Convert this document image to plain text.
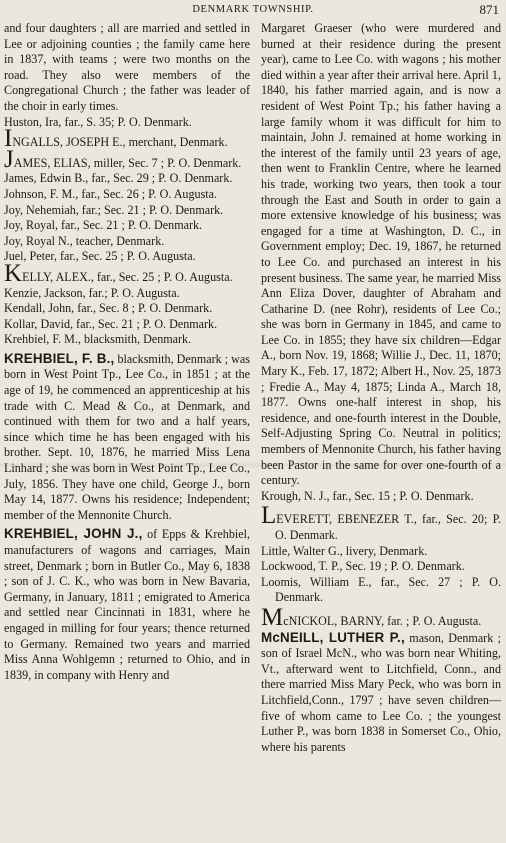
DENMARK TOWNSHIP.	871

and four daughters ; all are married and settled in Lee or adjoining counties ; the family came here in 1837, with teams ; were two months on the road. They also were members of the Congregational Church ; the father was leader of the choir in early times.

Huston, Ira, far., S. 35; P. O. Denmark.

INGALLS, JOSEPH E., merchant, Denmark.

JAMES, ELIAS, miller, Sec. 7 ; P. O. Denmark.

James, Edwin B., far., Sec. 29 ; P. O. Denmark.

Johnson, F. M., far., Sec. 26 ; P. O. Augusta.

Joy, Nehemiah, far.; Sec. 21 ; P. O. Denmark.

Joy, Royal, far., Sec. 21 ; P. O. Denmark.

Joy, Royal N., teacher, Denmark.

Juel, Peter, far., Sec. 25 ; P. O. Augusta.

KELLY, ALEX., far., Sec. 25 ; P. O. Augusta.

Kenzie, Jackson, far.; P. O. Augusta.

Kendall, John, far., Sec. 8 ; P. O. Denmark.

Kollar, David, far., Sec. 21 ; P. O. Denmark.

Krehbiel, F. M., blacksmith, Denmark.

KREHBIEL, F. B., blacksmith, Denmark ; was born in West Point Tp., Lee Co., in 1851 ; at the age of 19, he commenced an apprenticeship at his trade with C. Mead & Co., at Denmark, and continued with them for two and a half years, since which time he has been engaged with his brother. Sept. 10, 1876, he married Miss Lena Linhard ; she was born in West Point Tp., Lee Co., July, 1856. They have one child, George J., born May 14, 1877. Owns his residence; Independent; member of the Mennonite Church.

KREHBIEL, JOHN J., of Epps & Krehbiel, manufacturers of wagons and carriages, Main street, Denmark ; born in Butler Co., May 6, 1838 ; son of J. C. K., who was born in New Bavaria, Germany, in January, 1811 ; emigrated to America and settled near Cincinnati in 1831, where he engaged in milling for four years; thence returned to Germany. Remained two years and married Miss Anna Wohlgemn ; returned to Ohio, and in 1839, in company with Henry and

Margaret Graeser (who were murdered and burned at their residence during the present year), came to Lee Co. with wagons ; his mother died within a year after their arrival here. April 1, 1840, his father married again, and is now a resident of West Point Tp.; his father having a large family whom it was difficult for him to maintain, John J. remained at home working in the interest of the family until 23 years of age, then went to Franklin Centre, where he learned his trade, working two years, then took a tour through the East and South in order to gain a more extensive knowledge of his business; was engaged for a time at Washington, D. C., in Government employ; Dec. 19, 1867, he returned to Lee Co. and purchased an interest in his present business. The same year, he married Miss Ann Eliza Dover, daughter of Abraham and Catharine D. (nee Rohr), residents of Lee Co.; she was born in Germany in 1845, and came to Lee Co. in 1855; they have six children—Edgar A., born Nov. 19, 1868; Willie J., Dec. 11, 1870; Mary K., Feb. 17, 1872; Albert H., Nov. 25, 1873 ; Fredie A., May 4, 1875; Linda A., March 18, 1877. Owns one-half interest in shop, his residence, and one-fourth interest in the Double, Self-Adjusting Spring Co. Neutral in politics; members of Mennonite Church, his father having been Pastor in the same for over one-fourth of a century.

Krough, N. J., far., Sec. 15 ; P. O. Denmark.

LEVERETT, EBENEZER T., far., Sec. 20; P. O. Denmark.

Little, Walter G., livery, Denmark.

Lockwood, T. P., Sec. 19 ; P. O. Denmark.

Loomis, William E., far., Sec. 27 ; P. O. Denmark.

McNICKOL, BARNY, far. ; P. O. Augusta.

McNEILL, LUTHER P., mason, Denmark ; son of Israel McN., who was born near Whiting, Vt., afterward went to Litchfield, Conn., and there married Miss Mary Peck, who was born in Litchfield,Conn., 1797 ; have seven children—five of whom came to Lee Co. ; the youngest Luther P., was born 1838 in Somerset Co., Ohio, where his parents
